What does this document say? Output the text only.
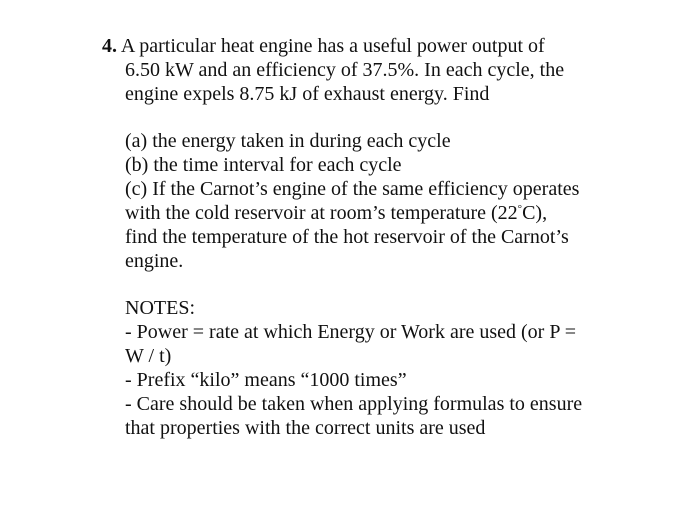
4. A particular heat engine has a useful power output of
6.50 kW and an efficiency of 37.5%. In each cycle, the
engine expels 8.75 kJ of exhaust energy. Find
(a) the energy taken in during each cycle
(b) the time interval for each cycle
(c) If the Carnot’s engine of the same efficiency operates
with the cold reservoir at room’s temperature (22°C),
find the temperature of the hot reservoir of the Carnot’s
engine.
NOTES:
- Power = rate at which Energy or Work are used (or P =
W / t)
- Prefix “kilo” means “1000 times”
- Care should be taken when applying formulas to ensure
that properties with the correct units are used
